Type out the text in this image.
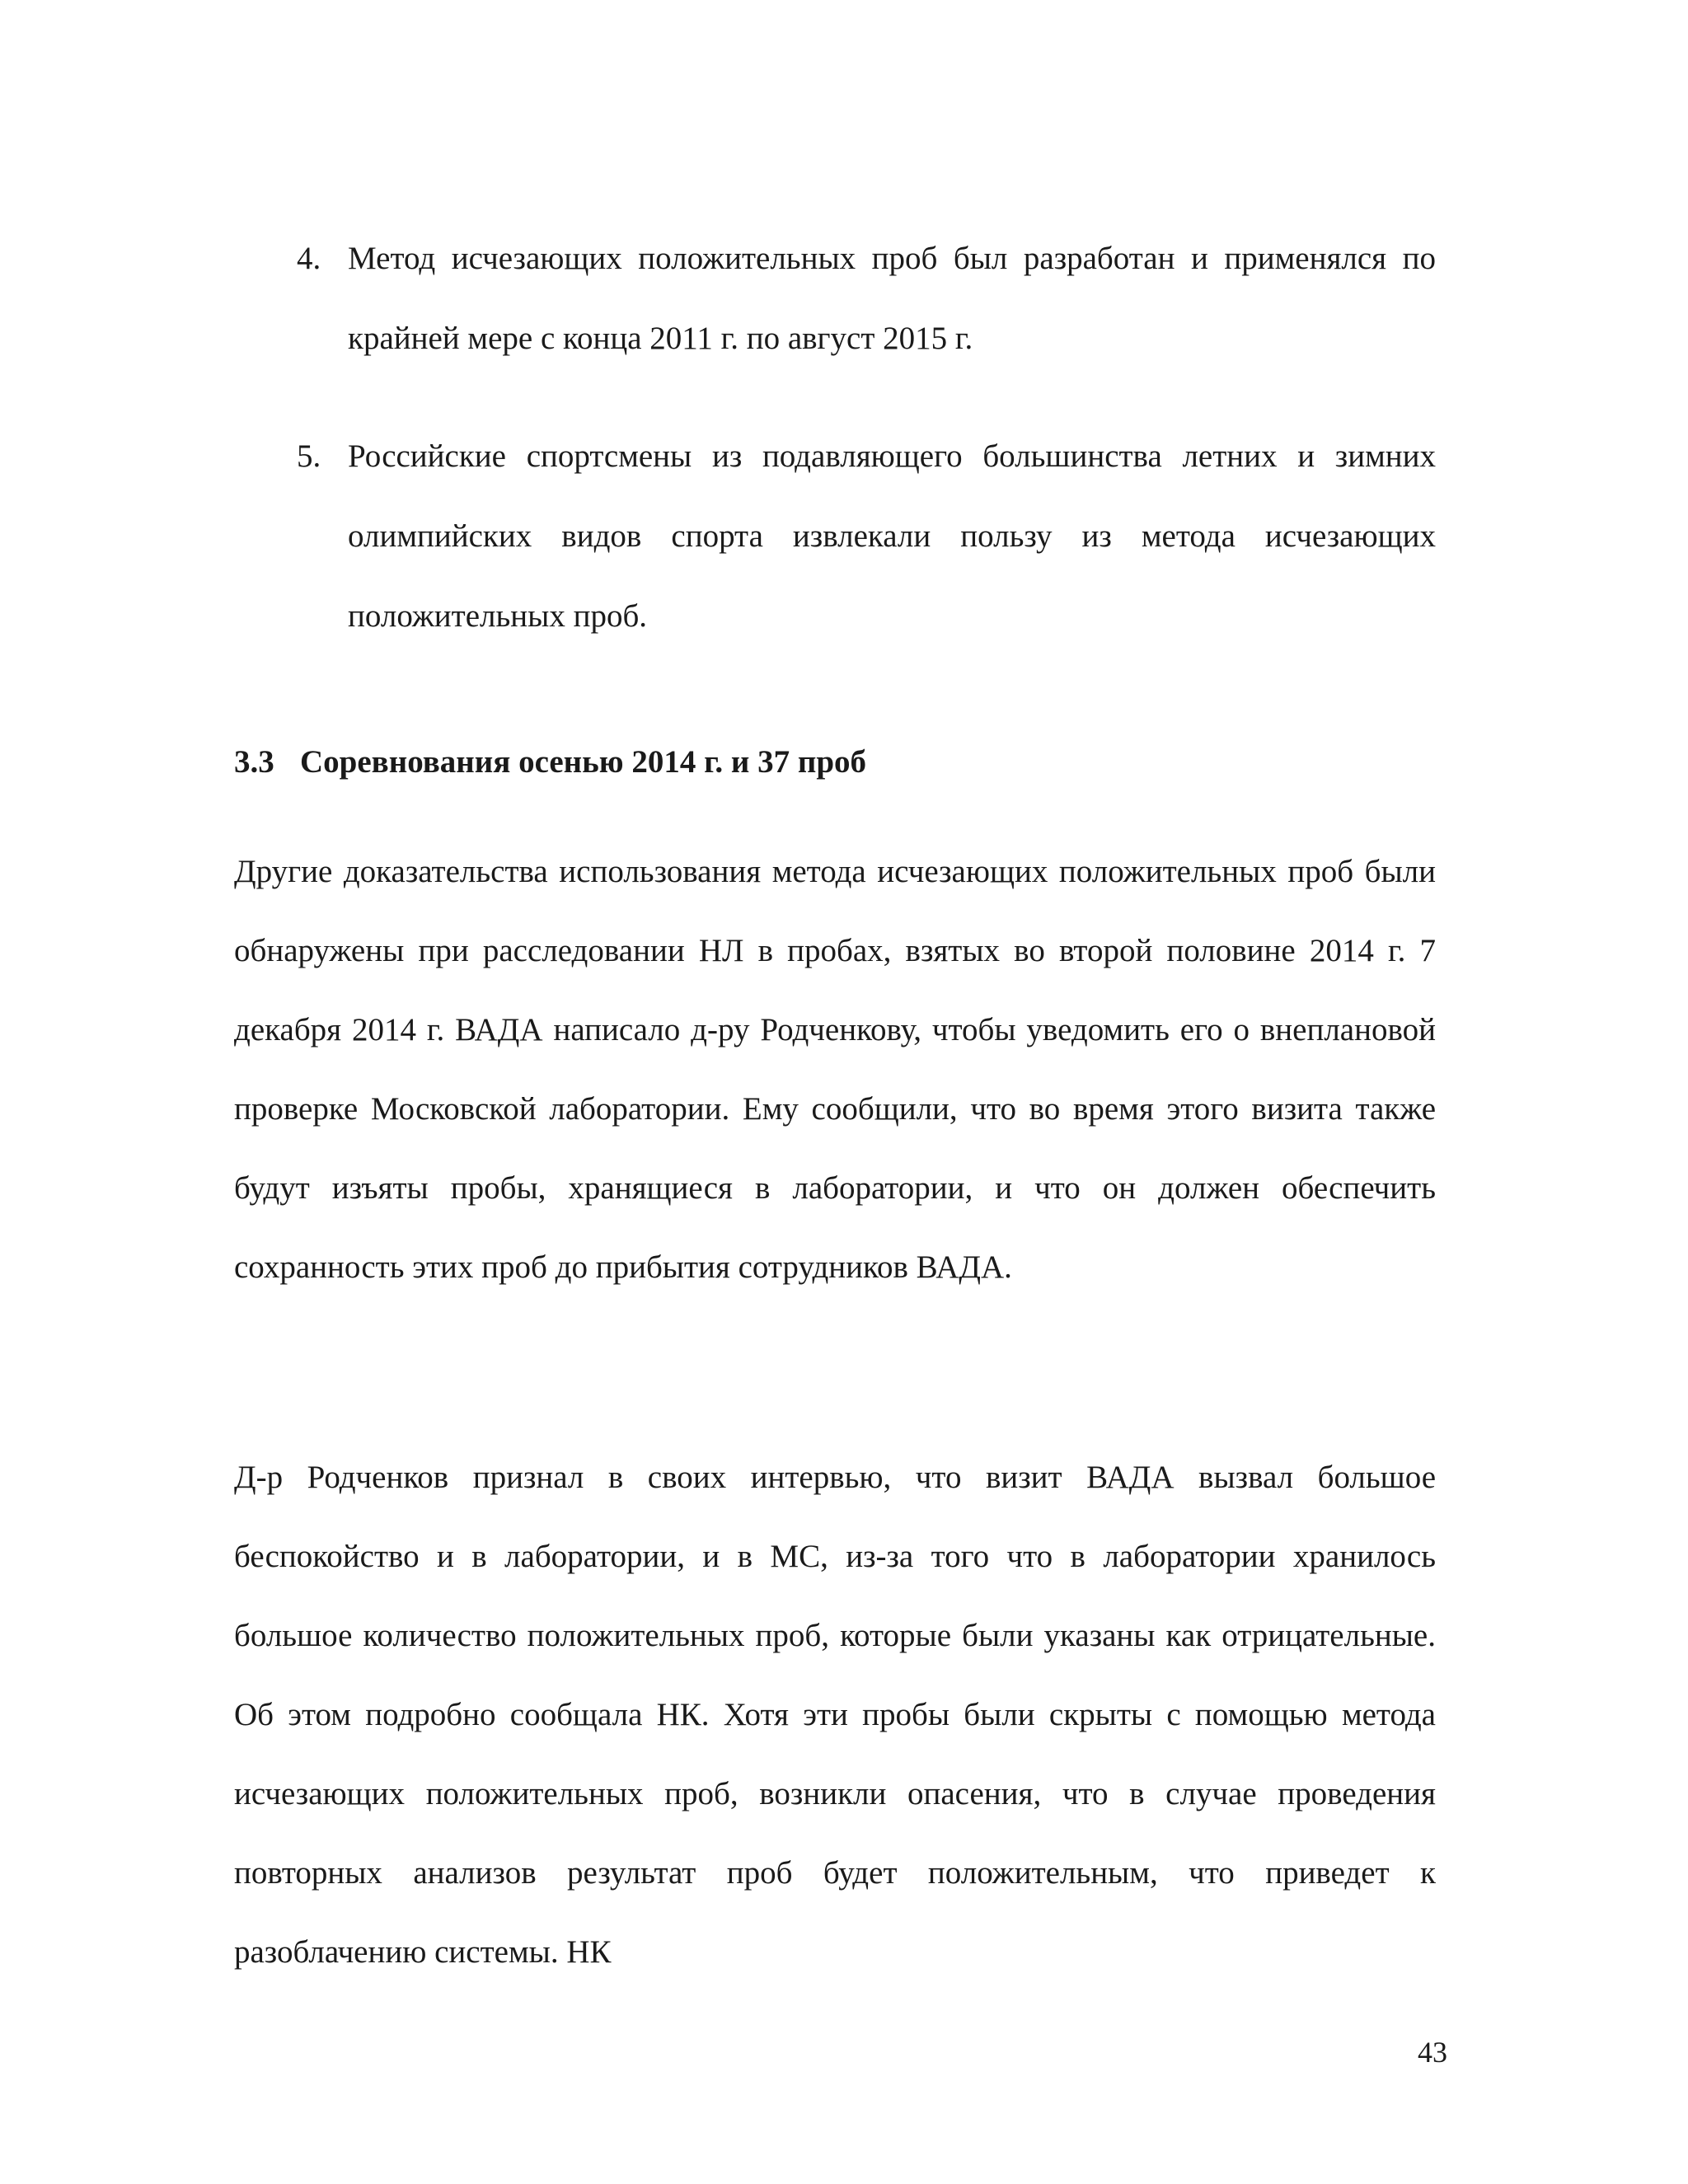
4. Метод исчезающих положительных проб был разработан и применялся по крайней мере с конца 2011 г. по август 2015 г.
5. Российские спортсмены из подавляющего большинства летних и зимних олимпийских видов спорта извлекали пользу из метода исчезающих положительных проб.
3.3 Соревнования осенью 2014 г. и 37 проб

Другие доказательства использования метода исчезающих положительных проб были обнаружены при расследовании НЛ в пробах, взятых во второй половине 2014 г. 7 декабря 2014 г. ВАДА написало д-ру Родченкову, чтобы уведомить его о внеплановой проверке Московской лаборатории. Ему сообщили, что во время этого визита также будут изъяты пробы, хранящиеся в лаборатории, и что он должен обеспечить сохранность этих проб до прибытия сотрудников ВАДА.

Д-р Родченков признал в своих интервью, что визит ВАДА вызвал большое беспокойство и в лаборатории, и в МС, из-за того что в лаборатории хранилось большое количество положительных проб, которые были указаны как отрицательные. Об этом подробно сообщала НК. Хотя эти пробы были скрыты с помощью метода исчезающих положительных проб, возникли опасения, что в случае проведения повторных анализов результат проб будет положительным, что приведет к разоблачению системы. НК

43
